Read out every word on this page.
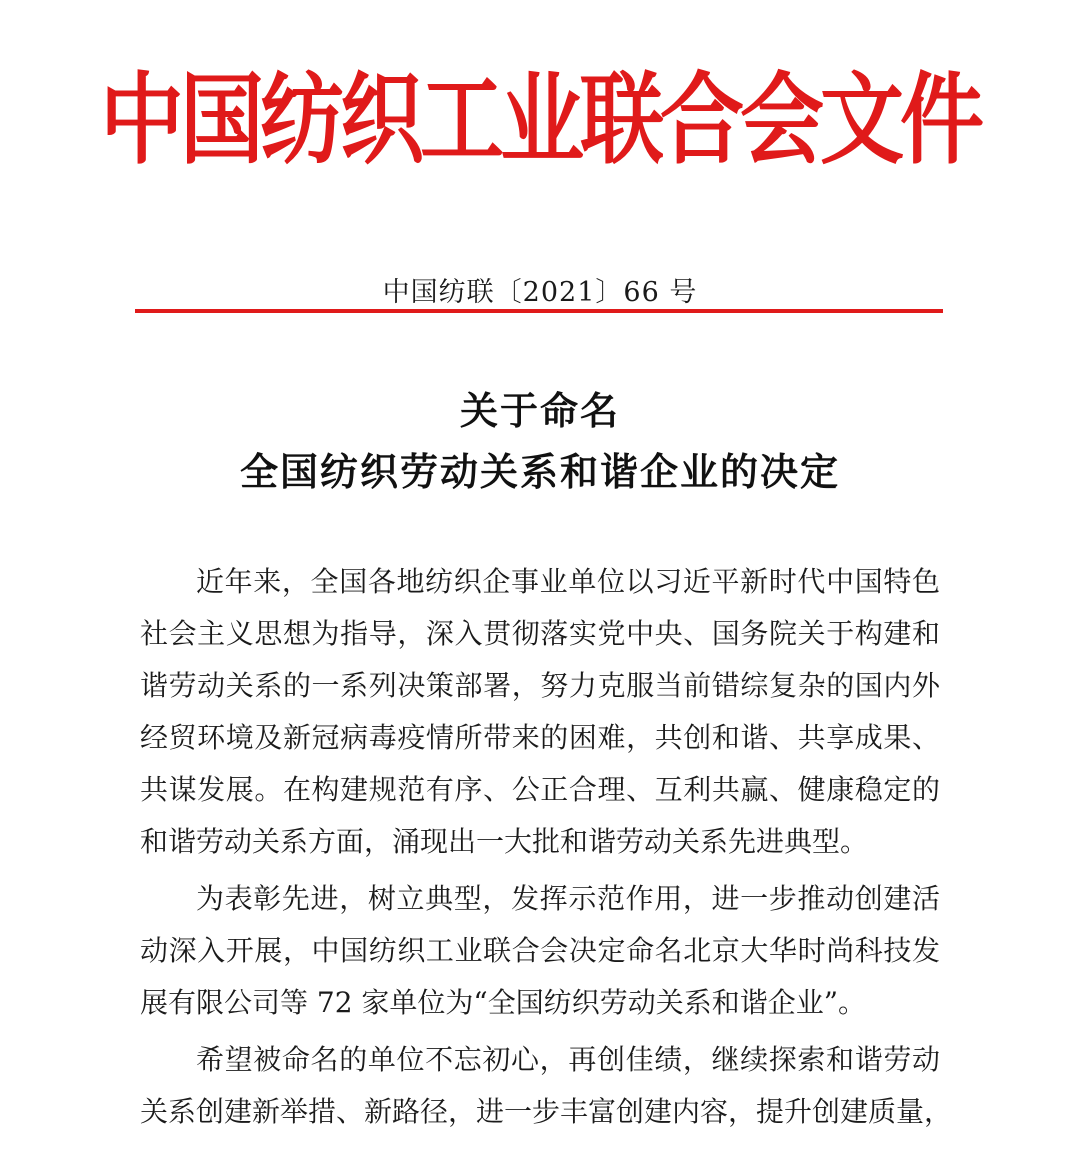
中国纺织工业联合会文件
中国纺联〔2021〕66 号
关于命名
全国纺织劳动关系和谐企业的决定
近年来，全国各地纺织企事业单位以习近平新时代中国特色
社会主义思想为指导，深入贯彻落实党中央、国务院关于构建和
谐劳动关系的一系列决策部署，努力克服当前错综复杂的国内外
经贸环境及新冠病毒疫情所带来的困难，共创和谐、共享成果、
共谋发展。在构建规范有序、公正合理、互利共赢、健康稳定的
和谐劳动关系方面，涌现出一大批和谐劳动关系先进典型。
为表彰先进，树立典型，发挥示范作用，进一步推动创建活
动深入开展，中国纺织工业联合会决定命名北京大华时尚科技发
展有限公司等 72 家单位为“全国纺织劳动关系和谐企业”。
希望被命名的单位不忘初心，再创佳绩，继续探索和谐劳动
关系创建新举措、新路径，进一步丰富创建内容，提升创建质量，
